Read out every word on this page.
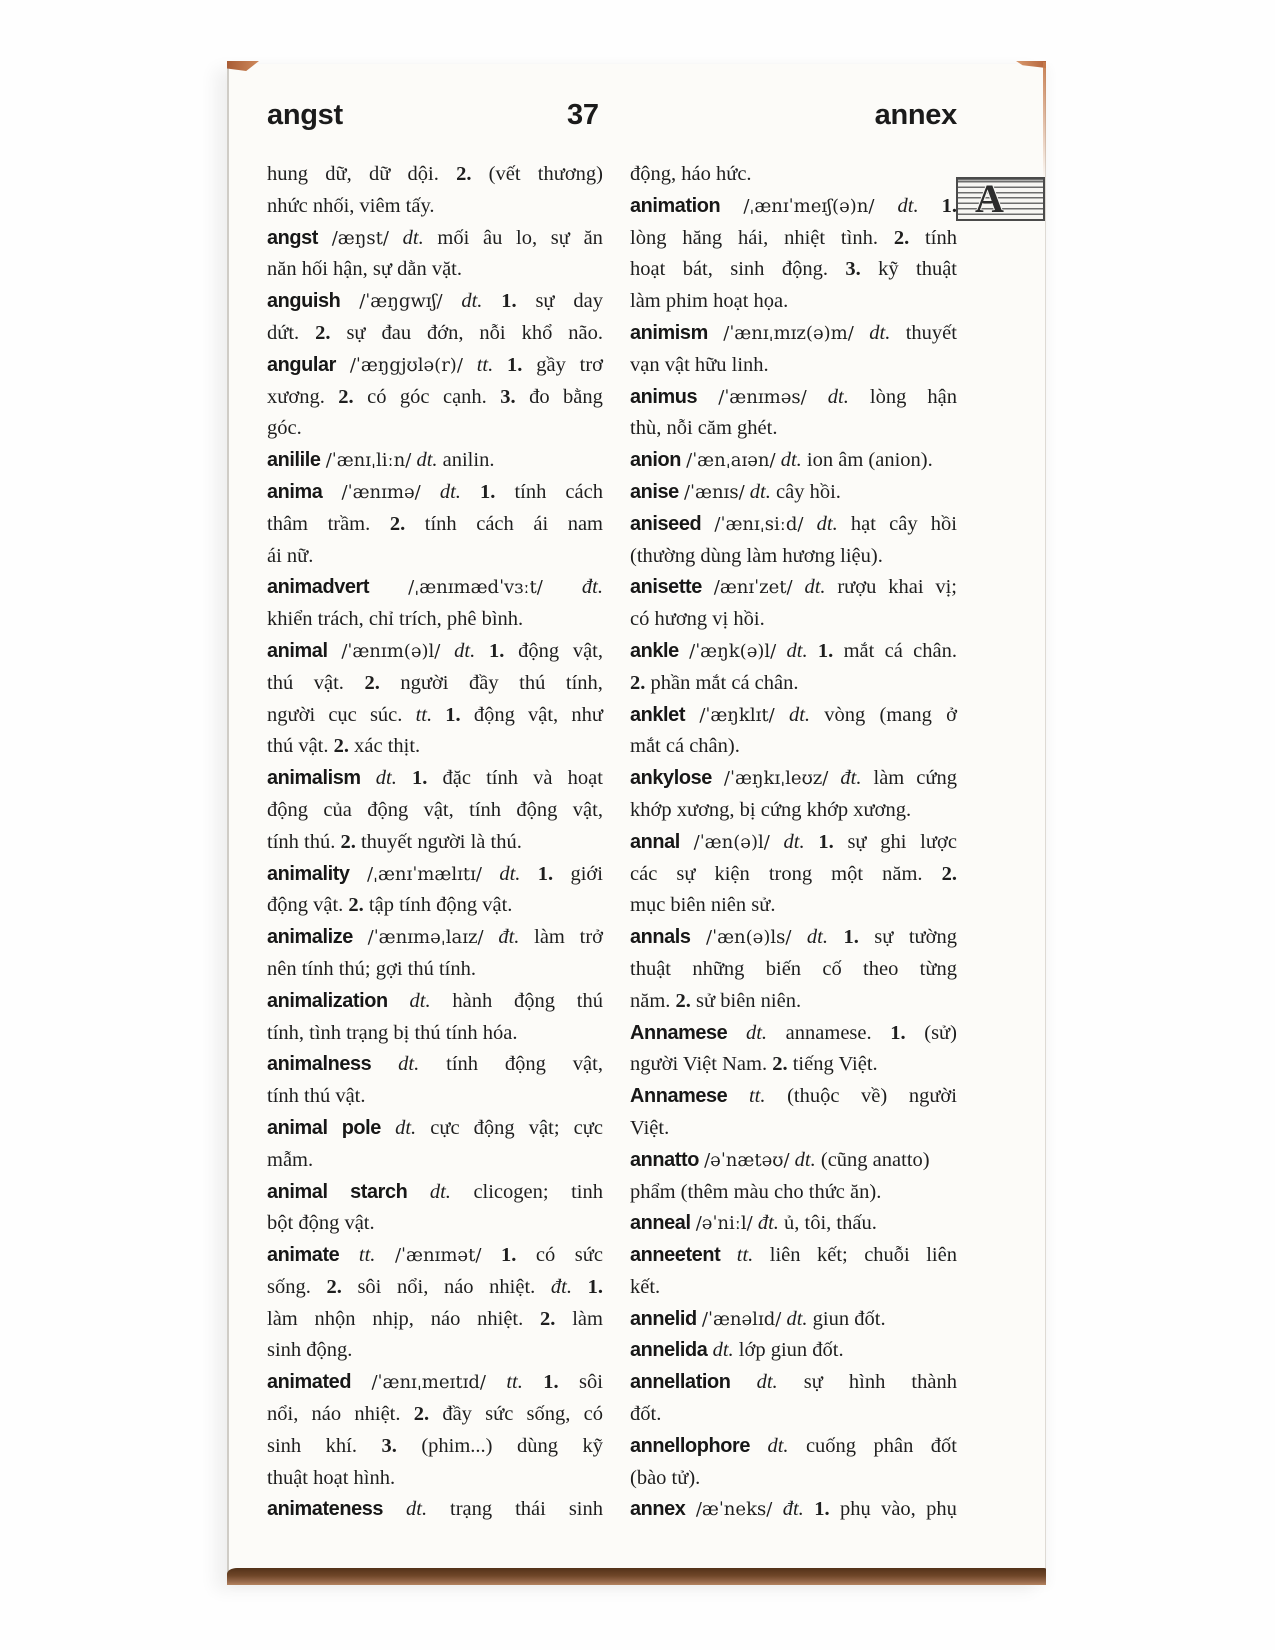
angst	37	annex
A
hung dữ, dữ dội. 2. (vết thương)
nhức nhối, viêm tấy.
angst /æŋst/ dt. mối âu lo, sự ăn
năn hối hận, sự dằn vặt.
anguish /ˈæŋgwɪʃ/ dt. 1. sự day
dứt. 2. sự đau đớn, nỗi khổ não.
angular /ˈæŋgjʊlə(r)/ tt. 1. gầy trơ
xương. 2. có góc cạnh. 3. đo bằng
góc.
anilile /ˈænɪˌliːn/ dt. anilin.
anima /ˈænɪmə/ dt. 1. tính cách
thâm trầm. 2. tính cách ái nam
ái nữ.
animadvert /ˌænɪmædˈvɜːt/ đt.
khiển trách, chỉ trích, phê bình.
animal /ˈænɪm(ə)l/ dt. 1. động vật,
thú vật. 2. người đầy thú tính,
người cục súc. tt. 1. động vật, như
thú vật. 2. xác thịt.
animalism dt. 1. đặc tính và hoạt
động của động vật, tính động vật,
tính thú. 2. thuyết người là thú.
animality /ˌænɪˈmælɪtɪ/ dt. 1. giới
động vật. 2. tập tính động vật.
animalize /ˈænɪməˌlaɪz/ đt. làm trở
nên tính thú; gợi thú tính.
animalization dt. hành động thú
tính, tình trạng bị thú tính hóa.
animalness dt. tính động vật,
tính thú vật.
animal pole dt. cực động vật; cực
mẫm.
animal starch dt. clicogen; tinh
bột động vật.
animate tt. /ˈænɪmət/ 1. có sức
sống. 2. sôi nổi, náo nhiệt. đt. 1.
làm nhộn nhịp, náo nhiệt. 2. làm
sinh động.
animated /ˈænɪˌmeɪtɪd/ tt. 1. sôi
nổi, náo nhiệt. 2. đầy sức sống, có
sinh khí. 3. (phim...) dùng kỹ
thuật hoạt hình.
animateness dt. trạng thái sinh
động, háo hức.
animation /ˌænɪˈmeɪʃ(ə)n/ dt. 1.
lòng hăng hái, nhiệt tình. 2. tính
hoạt bát, sinh động. 3. kỹ thuật
làm phim hoạt họa.
animism /ˈænɪˌmɪz(ə)m/ dt. thuyết
vạn vật hữu linh.
animus /ˈænɪməs/ dt. lòng hận
thù, nỗi căm ghét.
anion /ˈænˌaɪən/ dt. ion âm (anion).
anise /ˈænɪs/ dt. cây hồi.
aniseed /ˈænɪˌsiːd/ dt. hạt cây hồi
(thường dùng làm hương liệu).
anisette /ænɪˈzet/ dt. rượu khai vị;
có hương vị hồi.
ankle /ˈæŋk(ə)l/ dt. 1. mắt cá chân.
2. phần mắt cá chân.
anklet /ˈæŋklɪt/ dt. vòng (mang ở
mắt cá chân).
ankylose /ˈæŋkɪˌleʊz/ đt. làm cứng
khớp xương, bị cứng khớp xương.
annal /ˈæn(ə)l/ dt. 1. sự ghi lược
các sự kiện trong một năm. 2.
mục biên niên sử.
annals /ˈæn(ə)ls/ dt. 1. sự tường
thuật những biến cố theo từng
năm. 2. sử biên niên.
Annamese dt. annamese. 1. (sử)
người Việt Nam. 2. tiếng Việt.
Annamese tt. (thuộc về) người
Việt.
annatto /əˈnætəʊ/ dt. (cũng anatto)
phẩm (thêm màu cho thức ăn).
anneal /əˈniːl/ đt. ủ, tôi, thấu.
anneetent tt. liên kết; chuỗi liên
kết.
annelid /ˈænəlɪd/ dt. giun đốt.
annelida dt. lớp giun đốt.
annellation dt. sự hình thành
đốt.
annellophore dt. cuống phân đốt
(bào tử).
annex /æˈneks/ đt. 1. phụ vào, phụ
